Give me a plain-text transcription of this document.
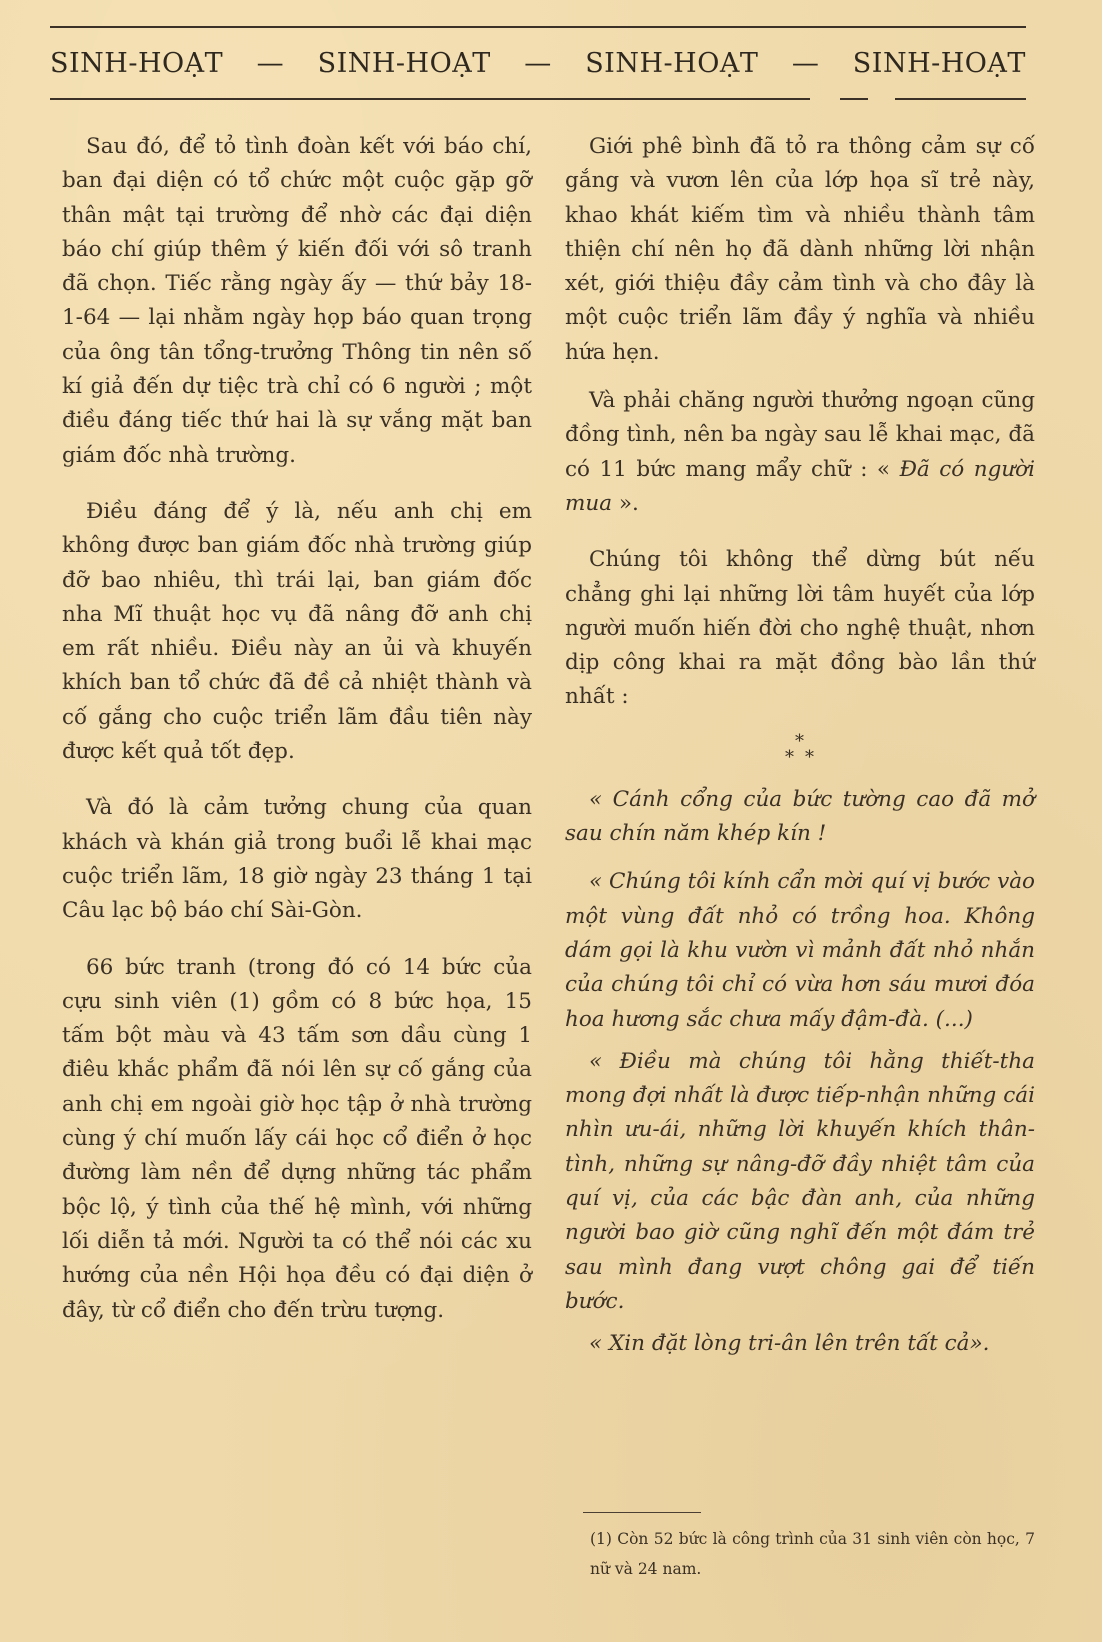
SINH-HOẠT — SINH-HOẠT — SINH-HOẠT — SINH-HOẠT

Sau đó, để tỏ tình đoàn kết với báo chí, ban đại diện có tổ chức một cuộc gặp gỡ thân mật tại trường để nhờ các đại diện báo chí giúp thêm ý kiến đối với sô tranh đã chọn. Tiếc rằng ngày ấy — thứ bảy 18-1-64 — lại nhằm ngày họp báo quan trọng của ông tân tổng-trưởng Thông tin nên số kí giả đến dự tiệc trà chỉ có 6 người ; một điều đáng tiếc thứ hai là sự vắng mặt ban giám đốc nhà trường.

Điều đáng để ý là, nếu anh chị em không được ban giám đốc nhà trường giúp đỡ bao nhiêu, thì trái lại, ban giám đốc nha Mĩ thuật học vụ đã nâng đỡ anh chị em rất nhiều. Điều này an ủi và khuyến khích ban tổ chức đã đề cả nhiệt thành và cố gắng cho cuộc triển lãm đầu tiên này được kết quả tốt đẹp.

Và đó là cảm tưởng chung của quan khách và khán giả trong buổi lễ khai mạc cuộc triển lãm, 18 giờ ngày 23 tháng 1 tại Câu lạc bộ báo chí Sài-Gòn.

66 bức tranh (trong đó có 14 bức của cựu sinh viên (1) gồm có 8 bức họa, 15 tấm bột màu và 43 tấm sơn dầu cùng 1 điêu khắc phẩm đã nói lên sự cố gắng của anh chị em ngoài giờ học tập ở nhà trường cùng ý chí muốn lấy cái học cổ điển ở học đường làm nền để dựng những tác phẩm bộc lộ, ý tình của thế hệ mình, với những lối diễn tả mới. Người ta có thể nói các xu hướng của nền Hội họa đều có đại diện ở đây, từ cổ điển cho đến trừu tượng.

Giới phê bình đã tỏ ra thông cảm sự cố gắng và vươn lên của lớp họa sĩ trẻ này, khao khát kiếm tìm và nhiều thành tâm thiện chí nên họ đã dành những lời nhận xét, giới thiệu đầy cảm tình và cho đây là một cuộc triển lãm đầy ý nghĩa và nhiều hứa hẹn.

Và phải chăng người thưởng ngoạn cũng đồng tình, nên ba ngày sau lễ khai mạc, đã có 11 bức mang mẩy chữ : « Đã có người mua ».

Chúng tôi không thể dừng bút nếu chẳng ghi lại những lời tâm huyết của lớp người muốn hiến đời cho nghệ thuật, nhơn dịp công khai ra mặt đồng bào lần thứ nhất :

*
* *

« Cánh cổng của bức tường cao đã mở sau chín năm khép kín !

« Chúng tôi kính cẩn mời quí vị bước vào một vùng đất nhỏ có trồng hoa. Không dám gọi là khu vườn vì mảnh đất nhỏ nhắn của chúng tôi chỉ có vừa hơn sáu mươi đóa hoa hương sắc chưa mấy đậm-đà. (...)

« Điều mà chúng tôi hằng thiết-tha mong đợi nhất là được tiếp-nhận những cái nhìn ưu-ái, những lời khuyến khích thân-tình, những sự nâng-đỡ đầy nhiệt tâm của quí vị, của các bậc đàn anh, của những người bao giờ cũng nghĩ đến một đám trẻ sau mình đang vượt chông gai để tiến bước.

« Xin đặt lòng tri-ân lên trên tất cả».

(1) Còn 52 bức là công trình của 31 sinh viên còn học, 7 nữ và 24 nam.
